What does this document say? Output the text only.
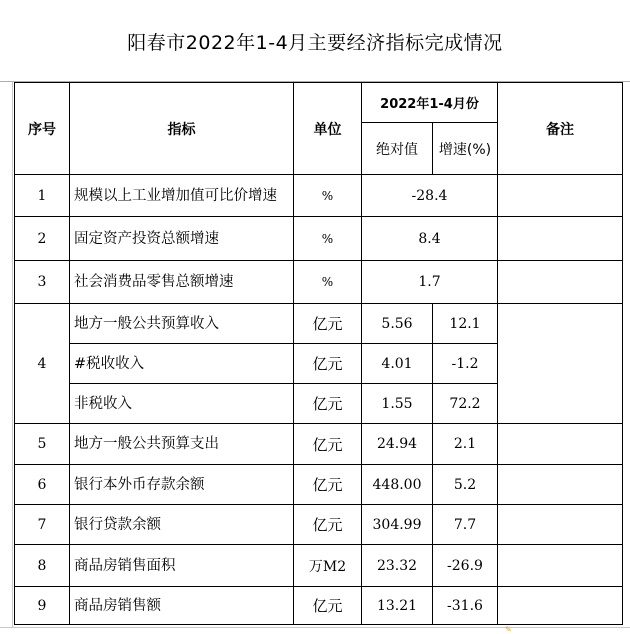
阳春市2022年1-4月主要经济指标完成情况
✎
序号	指标	单位	2022年1-4月份		备注
			绝对值	增速(%)	
1	规模以上工业增加值可比价增速	%	-28.4		
2	固定资产投资总额增速	%	8.4		
3	社会消费品零售总额增速	%	1.7		
4	地方一般公共预算收入	亿元	5.56	12.1	
	#税收收入	亿元	4.01	-1.2	
	非税收入	亿元	1.55	72.2	
5	地方一般公共预算支出	亿元	24.94	2.1	
6	银行本外币存款余额	亿元	448.00	5.2	
7	银行贷款余额	亿元	304.99	7.7	
8	商品房销售面积	万M2	23.32	-26.9	
9	商品房销售额	亿元	13.21	-31.6	
